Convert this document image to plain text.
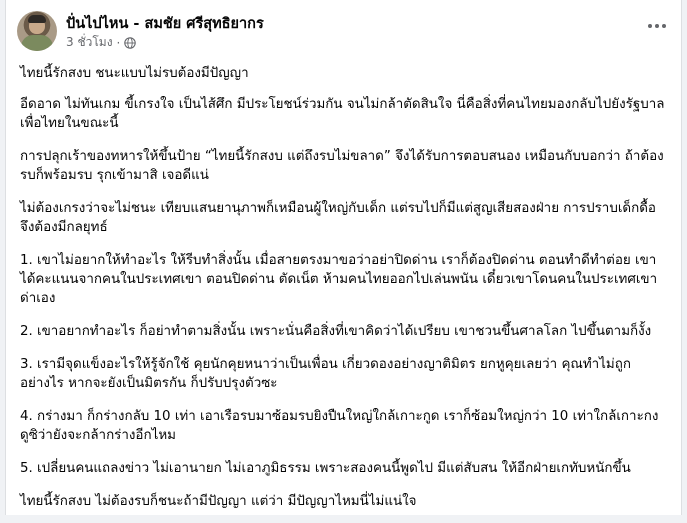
ปั่นไปไหน - สมชัย ศรีสุทธิยากร
3 ชั่วโมง ·

ไทยนี้รักสงบ ชนะแบบไม่รบต้องมีปัญญา

อีดอาด ไม่ทันเกม ขี้เกรงใจ เป็นไส้ศึก มีประโยชน์ร่วมกัน จนไม่กล้าตัดสินใจ นี่คือสิ่งที่คนไทยมองกลับไปยังรัฐบาลเพื่อไทยในขณะนี้

การปลุกเร้าของทหารให้ขึ้นป้าย “ไทยนี้รักสงบ แต่ถึงรบไม่ขลาด” จึงได้รับการตอบสนอง เหมือนกับบอกว่า ถ้าต้องรบก็พร้อมรบ รุกเข้ามาสิ เจอดีแน่

ไม่ต้องเกรงว่าจะไม่ชนะ เทียบแสนยานุภาพก็เหมือนผู้ใหญ่กับเด็ก แต่รบไปก็มีแต่สูญเสียสองฝ่าย การปราบเด็กดื้อจึงต้องมีกลยุทธ์

1. เขาไม่อยากให้ทำอะไร ให้รีบทำสิ่งนั้น เมื่อสายตรงมาขอว่าอย่าปิดด่าน เราก็ต้องปิดด่าน ตอนทำดีทำต่อย เขาได้คะแนนจากคนในประเทศเขา ตอนปิดด่าน ตัดเน็ต ห้ามคนไทยออกไปเล่นพนัน เดี๋ยวเขาโดนคนในประเทศเขาด่าเอง

2. เขาอยากทำอะไร ก็อย่าทำตามสิ่งนั้น เพราะนั่นคือสิ่งที่เขาคิดว่าได้เปรียบ เขาชวนขึ้นศาลโลก ไปขึ้นตามก็งั้ง

3. เรามีจุดแข็งอะไรให้รู้จักใช้ คุยนักคุยหนาว่าเป็นเพื่อน เกี่ยวดองอย่างญาติมิตร ยกหูคุยเลยว่า คุณทำไม่ถูกอย่างไร หากจะยังเป็นมิตรกัน ก็ปรับปรุงตัวซะ

4. กร่างมา ก็กร่างกลับ 10 เท่า เอาเรือรบมาซ้อมรบยิงปืนใหญ่ใกล้เกาะกูด เราก็ซ้อมใหญ่กว่า 10 เท่าใกล้เกาะกง ดูซิว่ายังจะกล้ากร่างอีกไหม

5. เปลี่ยนคนแถลงข่าว ไม่เอานายก ไม่เอาภูมิธรรม เพราะสองคนนี้พูดไป มีแต่สับสน ให้อีกฝ่ายเกทับหนักขึ้น

ไทยนี้รักสงบ ไม่ต้องรบก็ชนะถ้ามีปัญญา แต่ว่า มีปัญญาไหมนี่ไม่แน่ใจ
